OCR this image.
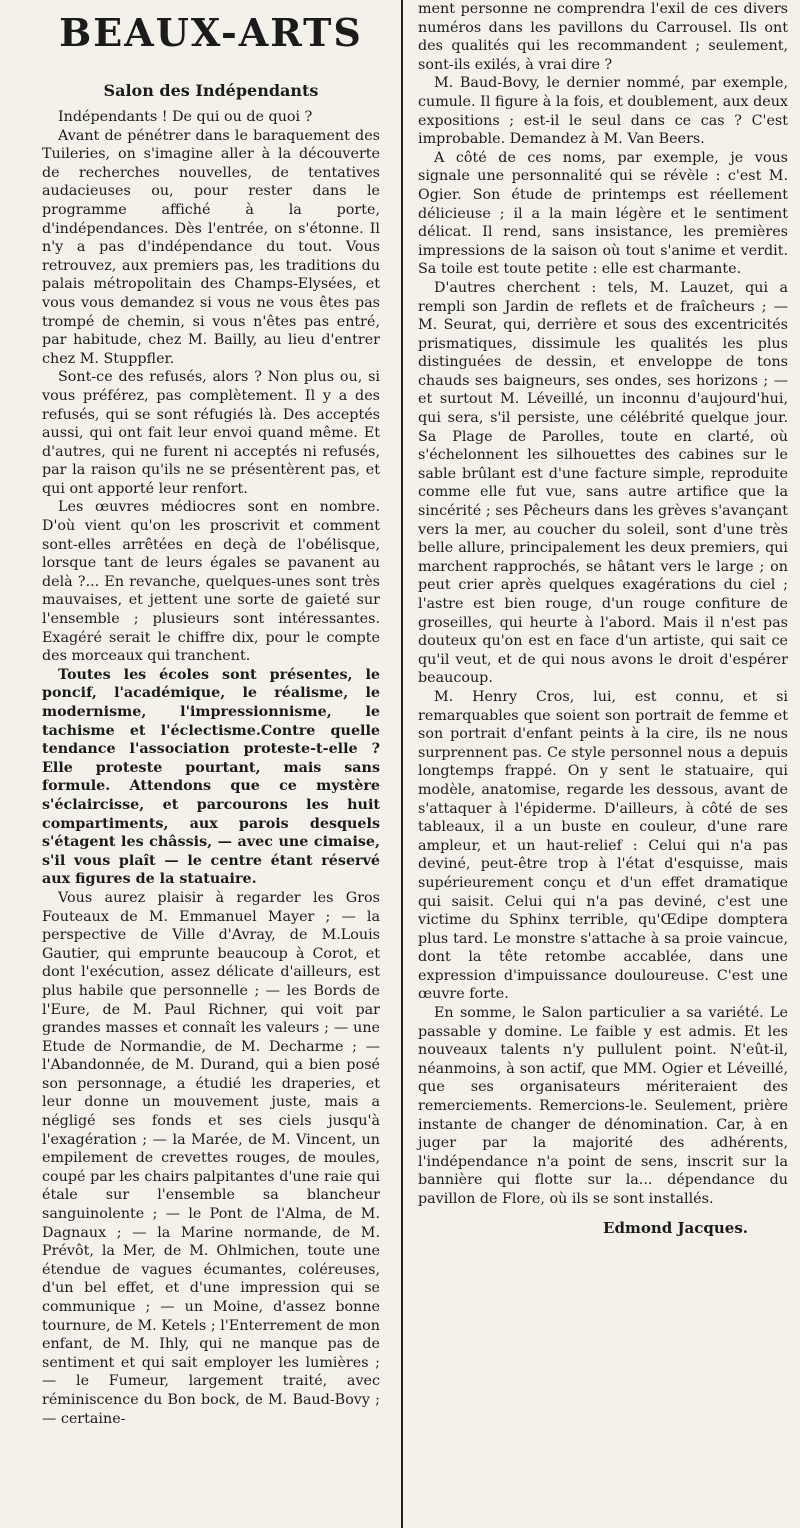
BEAUX-ARTS
Salon des Indépendants

Indépendants ! De qui ou de quoi ?

Avant de pénétrer dans le baraquement des Tuileries, on s'imagine aller à la découverte de recherches nouvelles, de tentatives audacieuses ou, pour rester dans le programme affiché à la porte, d'indépendances. Dès l'entrée, on s'étonne. Il n'y a pas d'indépendance du tout. Vous retrouvez, aux premiers pas, les traditions du palais métropolitain des Champs-Elysées, et vous vous demandez si vous ne vous êtes pas trompé de chemin, si vous n'êtes pas entré, par habitude, chez M. Bailly, au lieu d'entrer chez M. Stuppfler.

Sont-ce des refusés, alors ? Non plus ou, si vous préférez, pas complètement. Il y a des refusés, qui se sont réfugiés là. Des acceptés aussi, qui ont fait leur envoi quand même. Et d'autres, qui ne furent ni acceptés ni refusés, par la raison qu'ils ne se présentèrent pas, et qui ont apporté leur renfort.

Les œuvres médiocres sont en nombre. D'où vient qu'on les proscrivit et comment sont-elles arrêtées en deçà de l'obélisque, lorsque tant de leurs égales se pavanent au delà ?... En revanche, quelques-unes sont très mauvaises, et jettent une sorte de gaieté sur l'ensemble ; plusieurs sont intéressantes. Exagéré serait le chiffre dix, pour le compte des morceaux qui tranchent.

Toutes les écoles sont présentes, le poncif, l'académique, le réalisme, le modernisme, l'impressionnisme, le tachisme et l'éclectisme.Contre quelle tendance l'association proteste-t-elle ? Elle proteste pourtant, mais sans formule. Attendons que ce mystère s'éclaircisse, et parcourons les huit compartiments, aux parois desquels s'étagent les châssis, — avec une cimaise, s'il vous plaît — le centre étant réservé aux figures de la statuaire.

Vous aurez plaisir à regarder les Gros Fouteaux de M. Emmanuel Mayer ; — la perspective de Ville d'Avray, de M.Louis Gautier, qui emprunte beaucoup à Corot, et dont l'exécution, assez délicate d'ailleurs, est plus habile que personnelle ; — les Bords de l'Eure, de M. Paul Richner, qui voit par grandes masses et connaît les valeurs ; — une Etude de Normandie, de M. Decharme ; — l'Abandonnée, de M. Durand, qui a bien posé son personnage, a étudié les draperies, et leur donne un mouvement juste, mais a négligé ses fonds et ses ciels jusqu'à l'exagération ; — la Marée, de M. Vincent, un empilement de crevettes rouges, de moules, coupé par les chairs palpitantes d'une raie qui étale sur l'ensemble sa blancheur sanguinolente ; — le Pont de l'Alma, de M. Dagnaux ; — la Marine normande, de M. Prévôt, la Mer, de M. Ohlmichen, toute une étendue de vagues écumantes, coléreuses, d'un bel effet, et d'une impression qui se communique ; — un Moine, d'assez bonne tournure, de M. Ketels ; l'Enterrement de mon enfant, de M. Ihly, qui ne manque pas de sentiment et qui sait employer les lumières ; — le Fumeur, largement traité, avec réminiscence du Bon bock, de M. Baud-Bovy ; — certaine-

ment personne ne comprendra l'exil de ces divers numéros dans les pavillons du Carrousel. Ils ont des qualités qui les recommandent ; seulement, sont-ils exilés, à vrai dire ?

M. Baud-Bovy, le dernier nommé, par exemple, cumule. Il figure à la fois, et doublement, aux deux expositions ; est-il le seul dans ce cas ? C'est improbable. Demandez à M. Van Beers.

A côté de ces noms, par exemple, je vous signale une personnalité qui se révèle : c'est M. Ogier. Son étude de printemps est réellement délicieuse ; il a la main légère et le sentiment délicat. Il rend, sans insistance, les premières impressions de la saison où tout s'anime et verdit. Sa toile est toute petite : elle est charmante.

D'autres cherchent : tels, M. Lauzet, qui a rempli son Jardin de reflets et de fraîcheurs ; — M. Seurat, qui, derrière et sous des excentricités prismatiques, dissimule les qualités les plus distinguées de dessin, et enveloppe de tons chauds ses baigneurs, ses ondes, ses horizons ; — et surtout M. Léveillé, un inconnu d'aujourd'hui, qui sera, s'il persiste, une célébrité quelque jour. Sa Plage de Parolles, toute en clarté, où s'échelonnent les silhouettes des cabines sur le sable brûlant est d'une facture simple, reproduite comme elle fut vue, sans autre artifice que la sincérité ; ses Pêcheurs dans les grèves s'avançant vers la mer, au coucher du soleil, sont d'une très belle allure, principalement les deux premiers, qui marchent rapprochés, se hâtant vers le large ; on peut crier après quelques exagérations du ciel ; l'astre est bien rouge, d'un rouge confiture de groseilles, qui heurte à l'abord. Mais il n'est pas douteux qu'on est en face d'un artiste, qui sait ce qu'il veut, et de qui nous avons le droit d'espérer beaucoup.

M. Henry Cros, lui, est connu, et si remarquables que soient son portrait de femme et son portrait d'enfant peints à la cire, ils ne nous surprennent pas. Ce style personnel nous a depuis longtemps frappé. On y sent le statuaire, qui modèle, anatomise, regarde les dessous, avant de s'attaquer à l'épiderme. D'ailleurs, à côté de ses tableaux, il a un buste en couleur, d'une rare ampleur, et un haut-relief : Celui qui n'a pas deviné, peut-être trop à l'état d'esquisse, mais supérieurement conçu et d'un effet dramatique qui saisit. Celui qui n'a pas deviné, c'est une victime du Sphinx terrible, qu'Œdipe domptera plus tard. Le monstre s'attache à sa proie vaincue, dont la tête retombe accablée, dans une expression d'impuissance douloureuse. C'est une œuvre forte.

En somme, le Salon particulier a sa variété. Le passable y domine. Le faible y est admis. Et les nouveaux talents n'y pullulent point. N'eût-il, néanmoins, à son actif, que MM. Ogier et Léveillé, que ses organisateurs mériteraient des remerciements. Remercions-le. Seulement, prière instante de changer de dénomination. Car, à en juger par la majorité des adhérents, l'indépendance n'a point de sens, inscrit sur la bannière qui flotte sur la... dépendance du pavillon de Flore, où ils se sont installés.

Edmond Jacques.
